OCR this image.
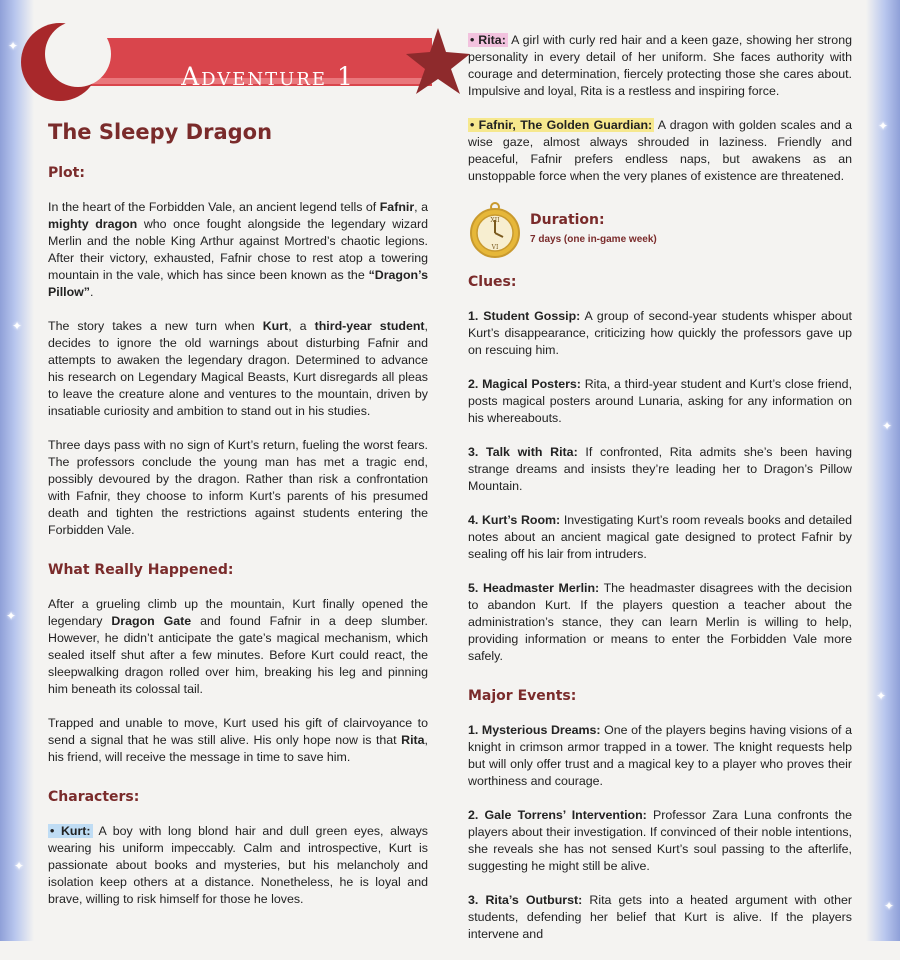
✦
✦
✦
✦
✦
✦
✦
✦
Adventure 1
The Sleepy Dragon
Plot:

In the heart of the Forbidden Vale, an ancient legend tells of Fafnir, a mighty dragon who once fought alongside the legendary wizard Merlin and the noble King Arthur against Mortred’s chaotic legions. After their victory, exhausted, Fafnir chose to rest atop a towering mountain in the vale, which has since been known as the “Dragon’s Pillow”.

The story takes a new turn when Kurt, a third-year student, decides to ignore the old warnings about disturbing Fafnir and attempts to awaken the legendary dragon. Determined to advance his research on Legendary Magical Beasts, Kurt disregards all pleas to leave the creature alone and ventures to the mountain, driven by insatiable curiosity and ambition to stand out in his studies.

Three days pass with no sign of Kurt’s return, fueling the worst fears. The professors conclude the young man has met a tragic end, possibly devoured by the dragon. Rather than risk a confrontation with Fafnir, they choose to inform Kurt’s parents of his presumed death and tighten the restrictions against students entering the Forbidden Vale.

What Really Happened:

After a grueling climb up the mountain, Kurt finally opened the legendary Dragon Gate and found Fafnir in a deep slumber. However, he didn’t anticipate the gate’s magical mechanism, which sealed itself shut after a few minutes. Before Kurt could react, the sleepwalking dragon rolled over him, breaking his leg and pinning him beneath its colossal tail.

Trapped and unable to move, Kurt used his gift of clairvoyance to send a signal that he was still alive. His only hope now is that Rita, his friend, will receive the message in time to save him.

Characters:

• Kurt: A boy with long blond hair and dull green eyes, always wearing his uniform impeccably. Calm and introspective, Kurt is passionate about books and mysteries, but his melancholy and isolation keep others at a distance. Nonetheless, he is loyal and brave, willing to risk himself for those he loves.

• Rita: A girl with curly red hair and a keen gaze, showing her strong personality in every detail of her uniform. She faces authority with courage and determination, fiercely protecting those she cares about. Impulsive and loyal, Rita is a restless and inspiring force.

• Fafnir, The Golden Guardian: A dragon with golden scales and a wise gaze, almost always shrouded in laziness. Friendly and peaceful, Fafnir prefers endless naps, but awakens as an unstoppable force when the very planes of existence are threatened.

XII
VI
Duration:
7 days (one in-game week)
Clues:
1. Student Gossip: A group of second-year students whisper about Kurt’s disappearance, criticizing how quickly the professors gave up on rescuing him.
2. Magical Posters: Rita, a third-year student and Kurt’s close friend, posts magical posters around Lunaria, asking for any information on his whereabouts.
3. Talk with Rita: If confronted, Rita admits she’s been having strange dreams and insists they’re leading her to Dragon’s Pillow Mountain.
4. Kurt’s Room: Investigating Kurt’s room reveals books and detailed notes about an ancient magical gate designed to protect Fafnir by sealing off his lair from intruders.
5. Headmaster Merlin: The headmaster disagrees with the decision to abandon Kurt. If the players question a teacher about the administration’s stance, they can learn Merlin is willing to help, providing information or means to enter the Forbidden Vale more safely.
Major Events:
1. Mysterious Dreams: One of the players begins having visions of a knight in crimson armor trapped in a tower. The knight requests help but will only offer trust and a magical key to a player who proves their worthiness and courage.
2. Gale Torrens’ Intervention: Professor Zara Luna confronts the players about their investigation. If convinced of their noble intentions, she reveals she has not sensed Kurt’s soul passing to the afterlife, suggesting he might still be alive.
3. Rita’s Outburst: Rita gets into a heated argument with other students, defending her belief that Kurt is alive. If the players intervene and
